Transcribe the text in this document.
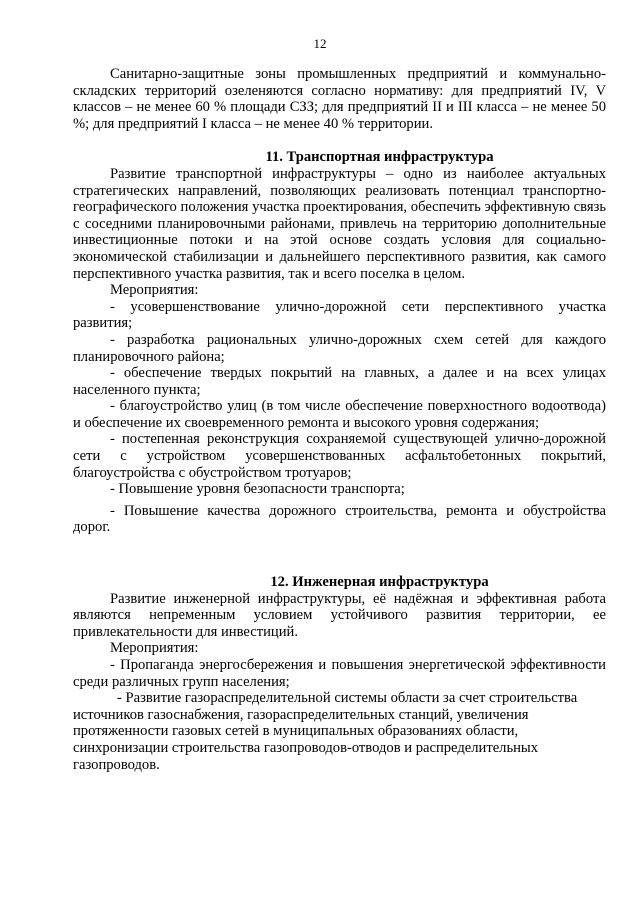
12

Санитарно-защитные зоны промышленных предприятий и коммунально-складских территорий озеленяются согласно нормативу: для предприятий IV, V классов – не менее 60 % площади СЗЗ; для предприятий II и III класса – не менее 50 %; для предприятий I класса – не менее 40 % территории.

11. Транспортная инфраструктура

Развитие транспортной инфраструктуры – одно из наиболее актуальных стратегических направлений, позволяющих реализовать потенциал транспортно-географического положения участка проектирования, обеспечить эффективную связь с соседними планировочными районами, привлечь на территорию дополнительные инвестиционные потоки и на этой основе создать условия для социально-экономической стабилизации и дальнейшего перспективного развития, как самого перспективного участка развития, так и всего поселка в целом.

Мероприятия:

- усовершенствование улично-дорожной сети перспективного участка развития;

- разработка рациональных улично-дорожных схем сетей для каждого планировочного района;

- обеспечение твердых покрытий на главных, а далее и на всех улицах населенного пункта;

- благоустройство улиц (в том числе обеспечение поверхностного водоотвода) и обеспечение их своевременного ремонта и высокого уровня содержания;

- постепенная реконструкция сохраняемой существующей улично-дорожной сети с устройством усовершенствованных асфальтобетонных покрытий, благоустройства с обустройством тротуаров;

- Повышение уровня безопасности транспорта;

- Повышение качества дорожного строительства, ремонта и обустройства дорог.

12. Инженерная инфраструктура

Развитие инженерной инфраструктуры, её надёжная и эффективная работа являются непременным условием устойчивого развития территории, ее привлекательности для инвестиций.

Мероприятия:

- Пропаганда энергосбережения и повышения энергетической эффективности среди различных групп населения;

- Развитие газораспределительной системы области за счет строительства источников газоснабжения, газораспределительных станций, увеличения протяженности газовых сетей в муниципальных образованиях области, синхронизации строительства газопроводов-отводов и распределительных газопроводов.
